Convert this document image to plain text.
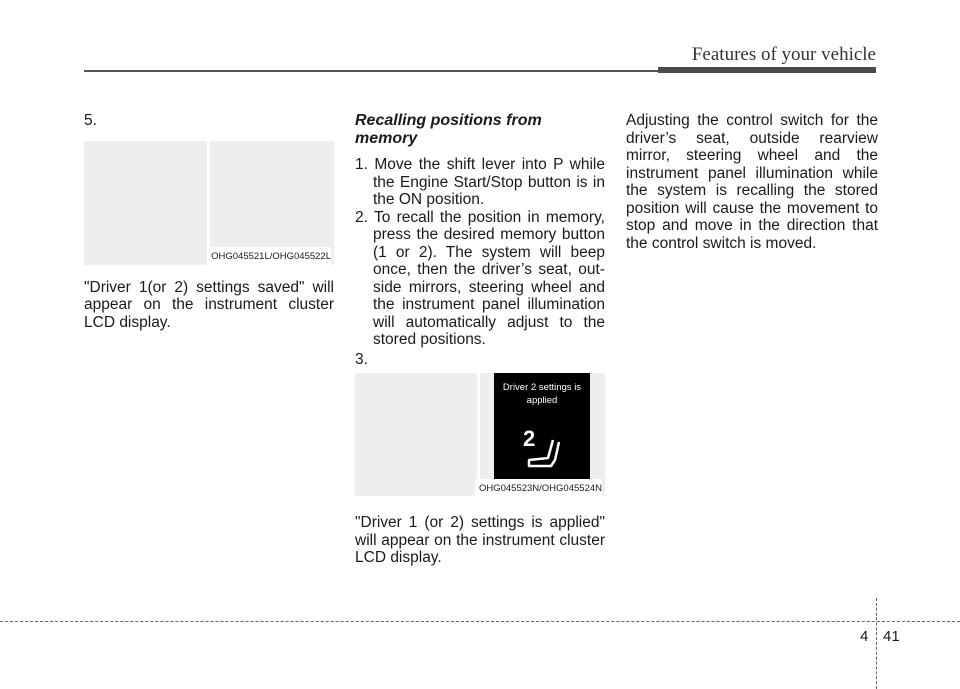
Features of your vehicle
5.
OHG045521L/OHG045522L

"Driver 1(or 2) settings saved" will appear on the instrument cluster LCD display.

Recalling positions from memory
1. Move the shift lever into P while the Engine Start/Stop button is in the ON position.
2. To recall the position in memory, press the desired memory button (1 or 2). The system will beep once, then the driver’s seat, out-side mirrors, steering wheel and the instrument panel illumination will automatically adjust to the stored positions.
3.
Driver 2 settings is
applied
2
OHG045523N/OHG045524N

"Driver 1 (or 2) settings is applied" will appear on the instrument cluster LCD display.

Adjusting the control switch for the driver’s seat, outside rearview mirror, steering wheel and the instrument panel illumination while the system is recalling the stored position will cause the movement to stop and move in the direction that the control switch is moved.

4 41
